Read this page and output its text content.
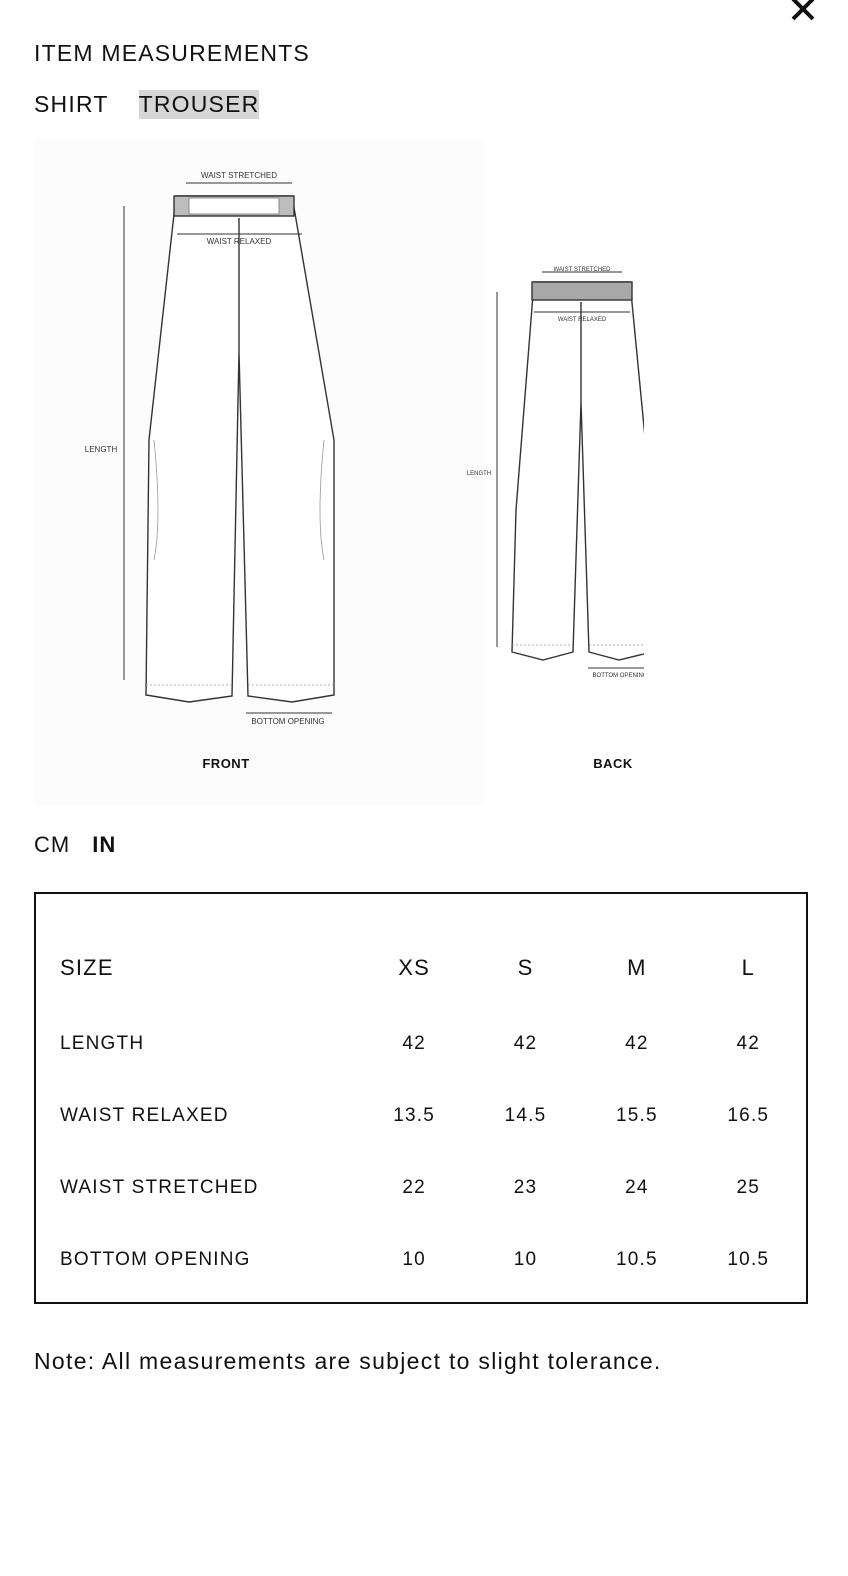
ITEM MEASUREMENTS
SHIRT TROUSER
WAIST STRETCHED
WAIST RELAXED
LENGTH
BOTTOM OPENING
WAIST STRETCHED
WAIST RELAXED
LENGTH
BOTTOM OPENING
FRONT	BACK
CM IN
SIZE	XS	S	M	L
LENGTH	42	42	42	42
WAIST RELAXED	13.5	14.5	15.5	16.5
WAIST STRETCHED	22	23	24	25
BOTTOM OPENING	10	10	10.5	10.5
Note: All measurements are subject to slight tolerance.
